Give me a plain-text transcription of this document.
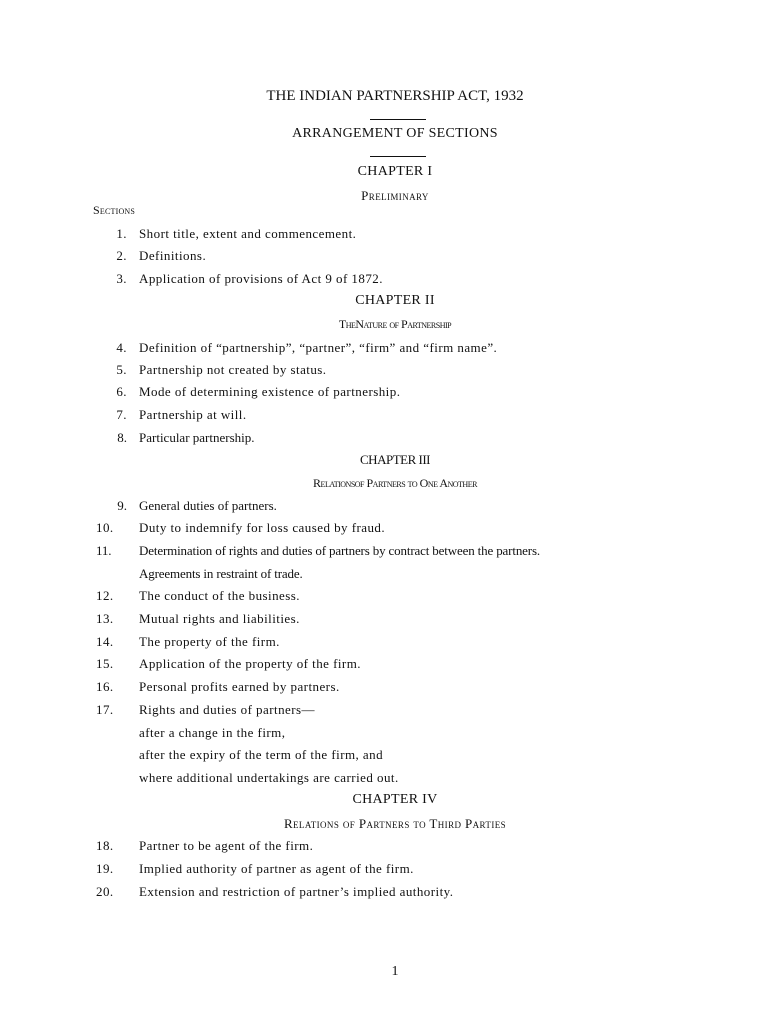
THE INDIAN PARTNERSHIP ACT, 1932
ARRANGEMENT OF SECTIONS
CHAPTER I
Preliminary
Sections
1. Short title, extent and commencement.
2. Definitions.
3. Application of provisions of Act 9 of 1872.
CHAPTER II
TheNature of Partnership
4. Definition of “partnership”, “partner”, “firm” and “firm name”.
5. Partnership not created by status.
6. Mode of determining existence of partnership.
7. Partnership at will.
8. Particular partnership.
CHAPTER III
Relationsof Partners to One Another
9. General duties of partners.
10.	Duty to indemnify for loss caused by fraud.
11.	Determination of rights and duties of partners by contract between the partners.
Agreements in restraint of trade.
12.	The conduct of the business.
13.	Mutual rights and liabilities.
14.	The property of the firm.
15.	Application of the property of the firm.
16.	Personal profits earned by partners.
17.	Rights and duties of partners—
after a change in the firm,
after the expiry of the term of the firm, and
where additional undertakings are carried out.
CHAPTER IV
Relations of Partners to Third Parties
18.	Partner to be agent of the firm.
19.	Implied authority of partner as agent of the firm.
20.	Extension and restriction of partner’s implied authority.
1
